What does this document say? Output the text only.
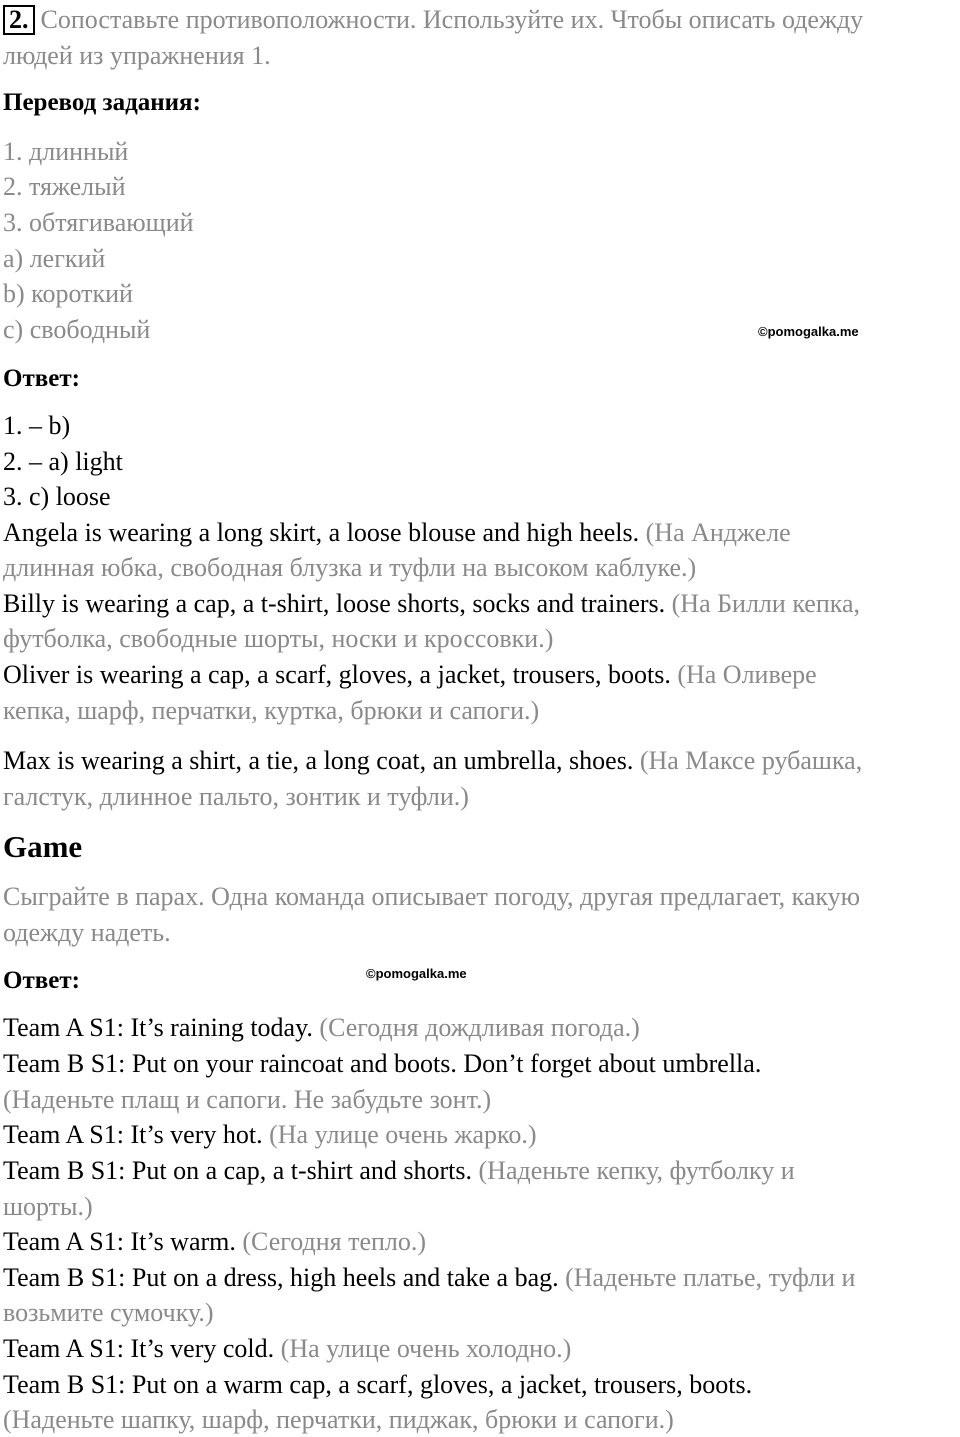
2. Сопоставьте противоположности. Используйте их. Чтобы описать одежду
людей из упражнения 1.
Перевод задания:
1. длинный
2. тяжелый
3. обтягивающий
a) легкий
b) короткий
c) свободный	©pomogalka.me
Ответ:
1. – b)
2. – a) light
3. c) loose
Angela is wearing a long skirt, a loose blouse and high heels. (На Анджеле
длинная юбка, свободная блузка и туфли на высоком каблуке.)
Billy is wearing a cap, a t-shirt, loose shorts, socks and trainers. (На Билли кепка,
футболка, свободные шорты, носки и кроссовки.)
Oliver is wearing a cap, a scarf, gloves, a jacket, trousers, boots. (На Оливере
кепка, шарф, перчатки, куртка, брюки и сапоги.)
Max is wearing a shirt, a tie, a long coat, an umbrella, shoes. (На Максе рубашка,
галстук, длинное пальто, зонтик и туфли.)
Game
Сыграйте в парах. Одна команда описывает погоду, другая предлагает, какую
одежду надеть.
Ответ:	©pomogalka.me
Team A S1: It’s raining today. (Сегодня дождливая погода.)
Team B S1: Put on your raincoat and boots. Don’t forget about umbrella.
(Наденьте плащ и сапоги. Не забудьте зонт.)
Team A S1: It’s very hot. (На улице очень жарко.)
Team B S1: Put on a cap, a t-shirt and shorts. (Наденьте кепку, футболку и
шорты.)
Team A S1: It’s warm. (Сегодня тепло.)
Team B S1: Put on a dress, high heels and take a bag. (Наденьте платье, туфли и
возьмите сумочку.)
Team A S1: It’s very cold. (На улице очень холодно.)
Team B S1: Put on a warm cap, a scarf, gloves, a jacket, trousers, boots.
(Наденьте шапку, шарф, перчатки, пиджак, брюки и сапоги.)
